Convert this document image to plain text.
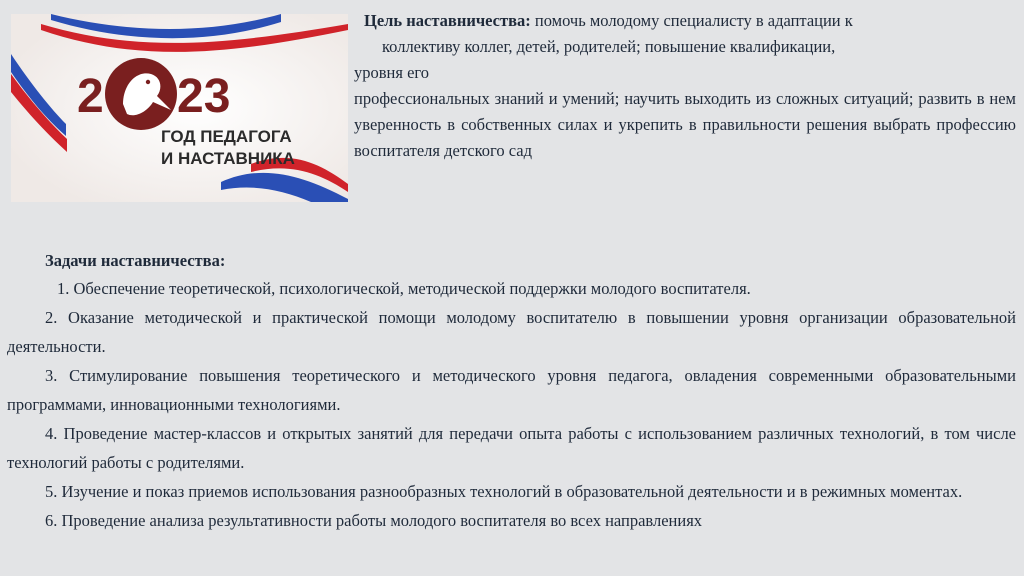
2 23
ГОД ПЕДАГОГА
И НАСТАВНИКА

Цель наставничества: помочь молодому специалисту в адаптации к

коллективу коллег, детей, родителей; повышение квалификации,

уровня его

профессиональных знаний и умений; научить выходить из сложных ситуаций; развить в нем уверенность в собственных силах и укрепить в правильности решения выбрать профессию воспитателя детского сад

Задачи наставничества:

1. Обеспечение теоретической, психологической, методической поддержки молодого воспитателя.

2. Оказание методической и практической помощи молодому воспитателю в повышении уровня организации образовательной деятельности.

3. Стимулирование повышения теоретического и методического уровня педагога, овладения современными образовательными программами, инновационными технологиями.

4. Проведение мастер-классов и открытых занятий для передачи опыта работы с использованием различных технологий, в том числе технологий работы с родителями.

5. Изучение и показ приемов использования разнообразных технологий в образовательной деятельности и в режимных моментах.

6. Проведение анализа результативности работы молодого воспитателя во всех направлениях
